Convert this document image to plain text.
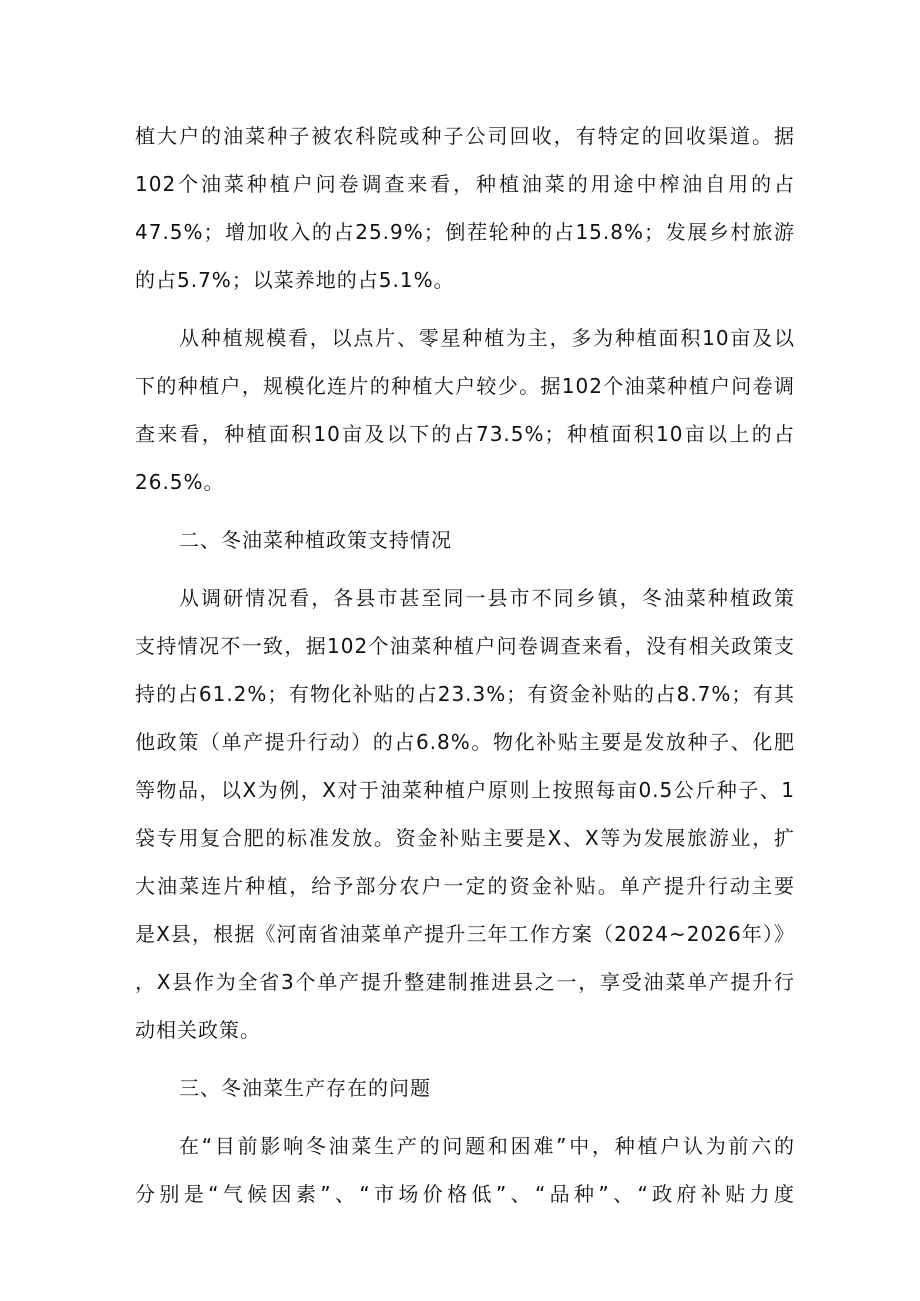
植大户的油菜种子被农科院或种子公司回收，有特定的回收渠道。据
102个油菜种植户问卷调查来看，种植油菜的用途中榨油自用的占
47.5%；增加收入的占25.9%；倒茬轮种的占15.8%；发展乡村旅游
的占5.7%；以菜养地的占5.1%。
从种植规模看，以点片、零星种植为主，多为种植面积10亩及以
下的种植户，规模化连片的种植大户较少。据102个油菜种植户问卷调
查来看，种植面积10亩及以下的占73.5%；种植面积10亩以上的占
26.5%。
二、冬油菜种植政策支持情况
从调研情况看，各县市甚至同一县市不同乡镇，冬油菜种植政策
支持情况不一致，据102个油菜种植户问卷调查来看，没有相关政策支
持的占61.2%；有物化补贴的占23.3%；有资金补贴的占8.7%；有其
他政策（单产提升行动）的占6.8%。物化补贴主要是发放种子、化肥
等物品，以X为例，X对于油菜种植户原则上按照每亩0.5公斤种子、1
袋专用复合肥的标准发放。资金补贴主要是X、X等为发展旅游业，扩
大油菜连片种植，给予部分农户一定的资金补贴。单产提升行动主要
是X县，根据《河南省油菜单产提升三年工作方案（2024~2026年）》
，X县作为全省3个单产提升整建制推进县之一，享受油菜单产提升行
动相关政策。
三、冬油菜生产存在的问题
在“目前影响冬油菜生产的问题和困难”中，种植户认为前六的
分别是“气候因素”、“市场价格低”、“品种”、“政府补贴力度
